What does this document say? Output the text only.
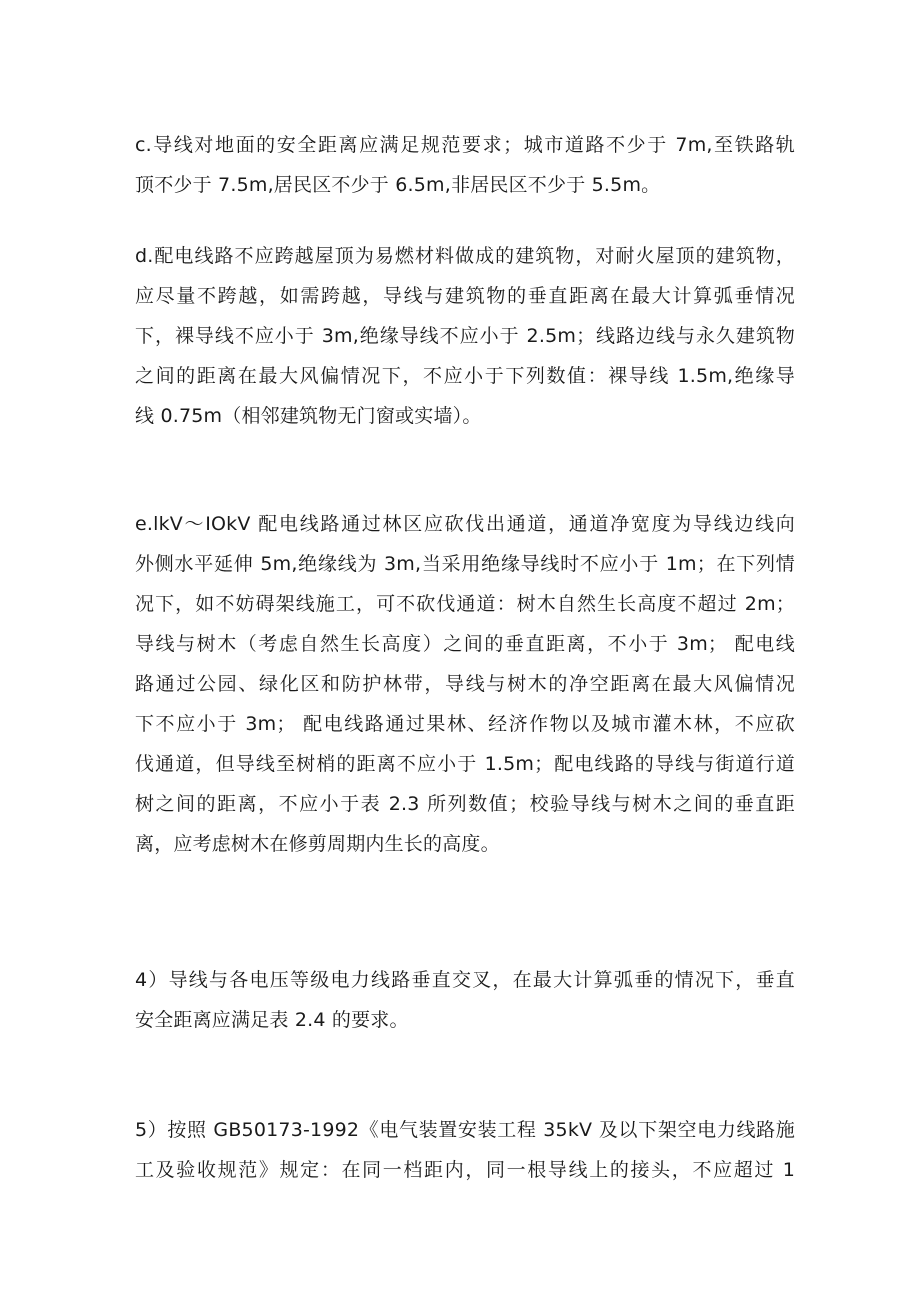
c.导线对地面的安全距离应满足规范要求；城市道路不少于 7m,至铁路轨
顶不少于 7.5m,居民区不少于 6.5m,非居民区不少于 5.5m。

d.配电线路不应跨越屋顶为易燃材料做成的建筑物，对耐火屋顶的建筑物，
应尽量不跨越，如需跨越，导线与建筑物的垂直距离在最大计算弧垂情况
下，裸导线不应小于 3m,绝缘导线不应小于 2.5m；线路边线与永久建筑物
之间的距离在最大风偏情况下，不应小于下列数值：裸导线 1.5m,绝缘导
线 0.75m（相邻建筑物无门窗或实墙）。

e.lkV～IOkV 配电线路通过林区应砍伐出通道，通道净宽度为导线边线向
外侧水平延伸 5m,绝缘线为 3m,当采用绝缘导线时不应小于 1m；在下列情
况下，如不妨碍架线施工，可不砍伐通道：树木自然生长高度不超过 2m；
导线与树木（考虑自然生长高度）之间的垂直距离，不小于 3m； 配电线
路通过公园、绿化区和防护林带，导线与树木的净空距离在最大风偏情况
下不应小于 3m； 配电线路通过果林、经济作物以及城市灌木林，不应砍
伐通道，但导线至树梢的距离不应小于 1.5m；配电线路的导线与街道行道
树之间的距离，不应小于表 2.3 所列数值；校验导线与树木之间的垂直距
离，应考虑树木在修剪周期内生长的高度。

4）导线与各电压等级电力线路垂直交叉，在最大计算弧垂的情况下，垂直
安全距离应满足表 2.4 的要求。

5）按照 GB50173-1992《电气装置安装工程 35kV 及以下架空电力线路施
工及验收规范》规定：在同一档距内，同一根导线上的接头，不应超过 1
